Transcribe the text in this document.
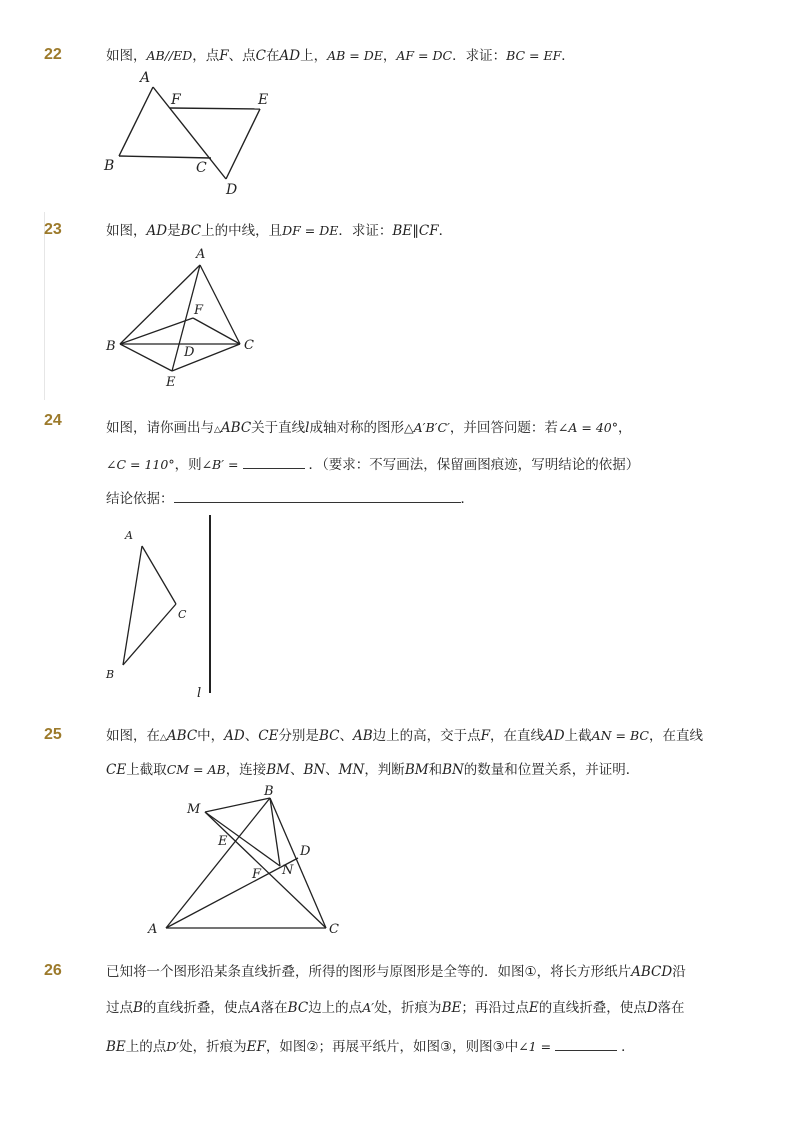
22	如图，AB//ED，点F、点C在AD上，AB = DE，AF = DC．求证：BC = EF．
A
F	E
B	C
D
23	如图，AD是BC上的中线，且DF = DE．求证：BE∥CF．
A
F
B	D	C
E
24	如图，请你画出与△ABC关于直线l成轴对称的图形△A′B′C′，并回答问题：若∠A = 40°，
∠C = 110°，则∠B′ =	．（要求：不写画法，保留画图痕迹，写明结论的依据）
结论依据：	．
A
C
B
l
25	如图，在△ABC中，AD、CE分别是BC、AB边上的高，交于点F，在直线AD上截AN = BC，在直线
CE上截取CM = AB，连接BM、BN、MN，判断BM和BN的数量和位置关系，并证明．
M
B
E
D
F N
A	C
26	已知将一个图形沿某条直线折叠，所得的图形与原图形是全等的．如图①，将长方形纸片ABCD沿
过点B的直线折叠，使点A落在BC边上的点A′处，折痕为BE；再沿过点E的直线折叠，使点D落在
BE上的点D′处，折痕为EF，如图②；再展平纸片，如图③，则图③中∠1 =	．
